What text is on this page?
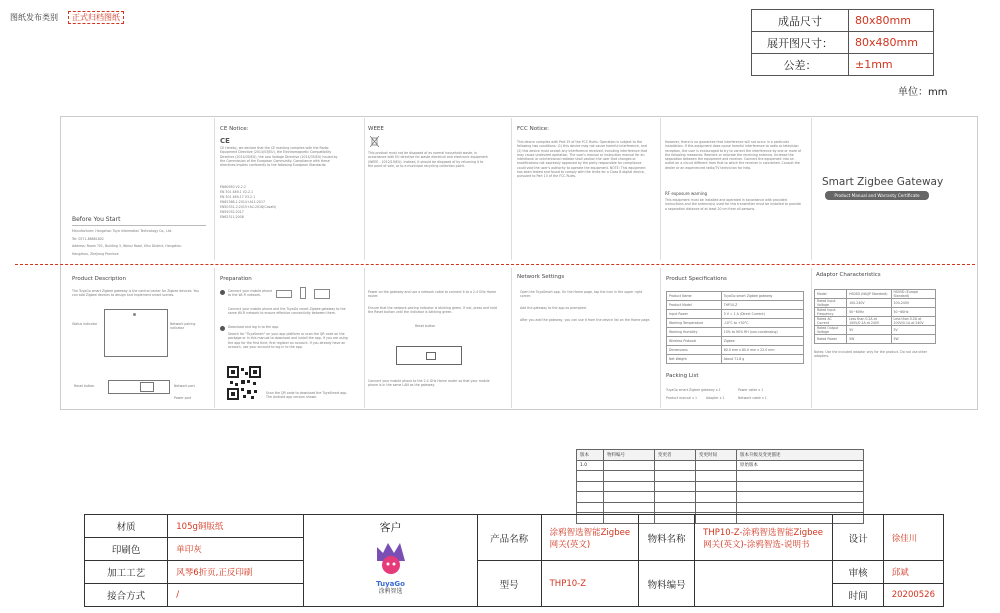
图纸发布类别	正式归档图纸	成品尺寸	80x80mm
展开图尺寸：	80x480mm
公差：	±1mm
单位：mm
Before You Start
Manufacturer: Hangzhou Tuya Information Technology Co., Ltd.
Tel: 0571-86681802
Address: Room 701, Building 3, Wenxi Road, Xihu District, Hangzhou
Hangzhou, Zhejiang Province
CE Notice:
CE
CE Hereby, we declare that the CE marking complies with the Radio Equipment Directive (2014/53/EU), the Electromagnetic Compatibility Directive (2014/30/EU), the Low Voltage Directive (2014/35/EU) issued by the Commission of the European Community. Compliance with these directives implies conformity to the following European Standards:
EN60950 V2.2.2
EN 301 489-1 V2.2.1
EN 301 489-17 V3.2.1
EN62368-1:2014+A11:2017
EN50332-2:2015+AC:2016(Cavatt)
EN55032:2017
EN62311:2008
WEEE
This product must not be disposed of as normal household waste, in accordance with EU directive for waste electrical and electronic equipment (WEEE - 2012/19/EU). Instead, it should be disposed of by returning it to the point of sale, or to a municipal recycling collection point.
FCC Notice:
This device complies with Part 15 of the FCC Rules. Operation is subject to the following two conditions: (1) this device may not cause harmful interference, and (2) this device must accept any interference received, including interference that may cause undesired operation. The user's manual or instruction manual for an intentional or unintentional radiator shall caution the user that changes or modifications not expressly approved by the party responsible for compliance could void the user's authority to operate the equipment. NOTE: This equipment has been tested and found to comply with the limits for a Class B digital device, pursuant to Part 15 of the FCC Rules.
However, there is no guarantee that interference will not occur in a particular installation. If this equipment does cause harmful interference to radio or television reception, the user is encouraged to try to correct the interference by one or more of the following measures: Reorient or relocate the receiving antenna. Increase the separation between the equipment and receiver. Connect the equipment into an outlet on a circuit different from that to which the receiver is connected. Consult the dealer or an experienced radio/TV technician for help.
RF exposure warning
This equipment must be installed and operated in accordance with provided instructions and the antenna(s) used for this transmitter must be installed to provide a separation distance of at least 20 cm from all persons.
Smart Zigbee Gateway
Product Manual and Warranty Certificate
Product Description
The TuyaGo smart Zigbee gateway is the control center for Zigbee devices. You can add Zigbee devices to design and implement smart scenes.
Status indicator	Network pairing indicator
Reset button	Network port
Power port
Preparation
Connect your mobile phone to the Wi-Fi network.
Connect your mobile phone and the TuyaGo smart Zigbee gateway to the same Wi-Fi network to ensure effective connectivity between them.
Download and log in to the app.
Search for "TuyaSmart" on your app platform or scan the QR code on the package or in this manual to download and install the app. If you are using the app for the first time, first register an account. If you already have an account, use your account to log in to the app.
Scan the QR code to download the TuyaSmart app. The Android app version shown.
Power on the gateway and use a network cable to connect it to a 2.4 GHz Home router.
Ensure that the network pairing indicator is blinking green. If not, press and hold the Reset button until the indicator is blinking green.
Reset button
Connect your mobile phone to the 2.4 GHz Home router so that your mobile phone is in the same LAN as the gateway.
Network Settings
Open the TuyaSmart app. On the Home page, tap the icon in the upper right corner.
Add the gateway to the app as prompted.
After you add the gateway, you can use it from the device list on the Home page.
Product Specifications
Product Name	TuyaGo smart Zigbee gateway
Product Model	THP10-Z
Input Power	5 V = 1 A (Direct Current)
Working Temperature	-10°C to +50°C
Working Humidity	10% to 90% RH (non-condensing)
Wireless Protocol	Zigbee
Dimensions	80.0 mm x 80.0 mm x 22.0 mm
Net Weight	About 71.8 g
Packing List
TuyaGo smart Zigbee gateway x 1	Power cable x 1
Product manual x 1	Adapter x 1	Network cable x 1
Adaptor Characteristics
Model	HS05D (NA/JP Standard)	HS05D (Europe Standard)
Rated Input Voltage	100-240V	100-240V
Rated Input Frequency	50~60Hz	50~60Hz
Rated AC Current	Less than 0.2A at 100V/0.1A at 240V	Less than 0.2A at 100V/0.1A at 240V
Rated Output Voltage	5V	5V
Rated Power	5W	5W
Notes: Use the included adaptor only for the product. Do not use other adapters.
版本	物料编号	变更者	变更时间	版本升级及变更描述
1.0				原始版本

材质	105g铜版纸	客户
TuyaGo
涂鸦智选	产品名称	涂鸦智选智能Zigbee网关(英文)	物料名称	THP10-Z-涂鸦智选智能Zigbee网关(英文)-涂鸦智选-说明书	设计	徐佳川
印刷色	单印灰							
加工工艺	风琴6折页,正反印刷		型号	THP10-Z	物料编号		审核	邱斌
接合方式	/						时间	20200526
